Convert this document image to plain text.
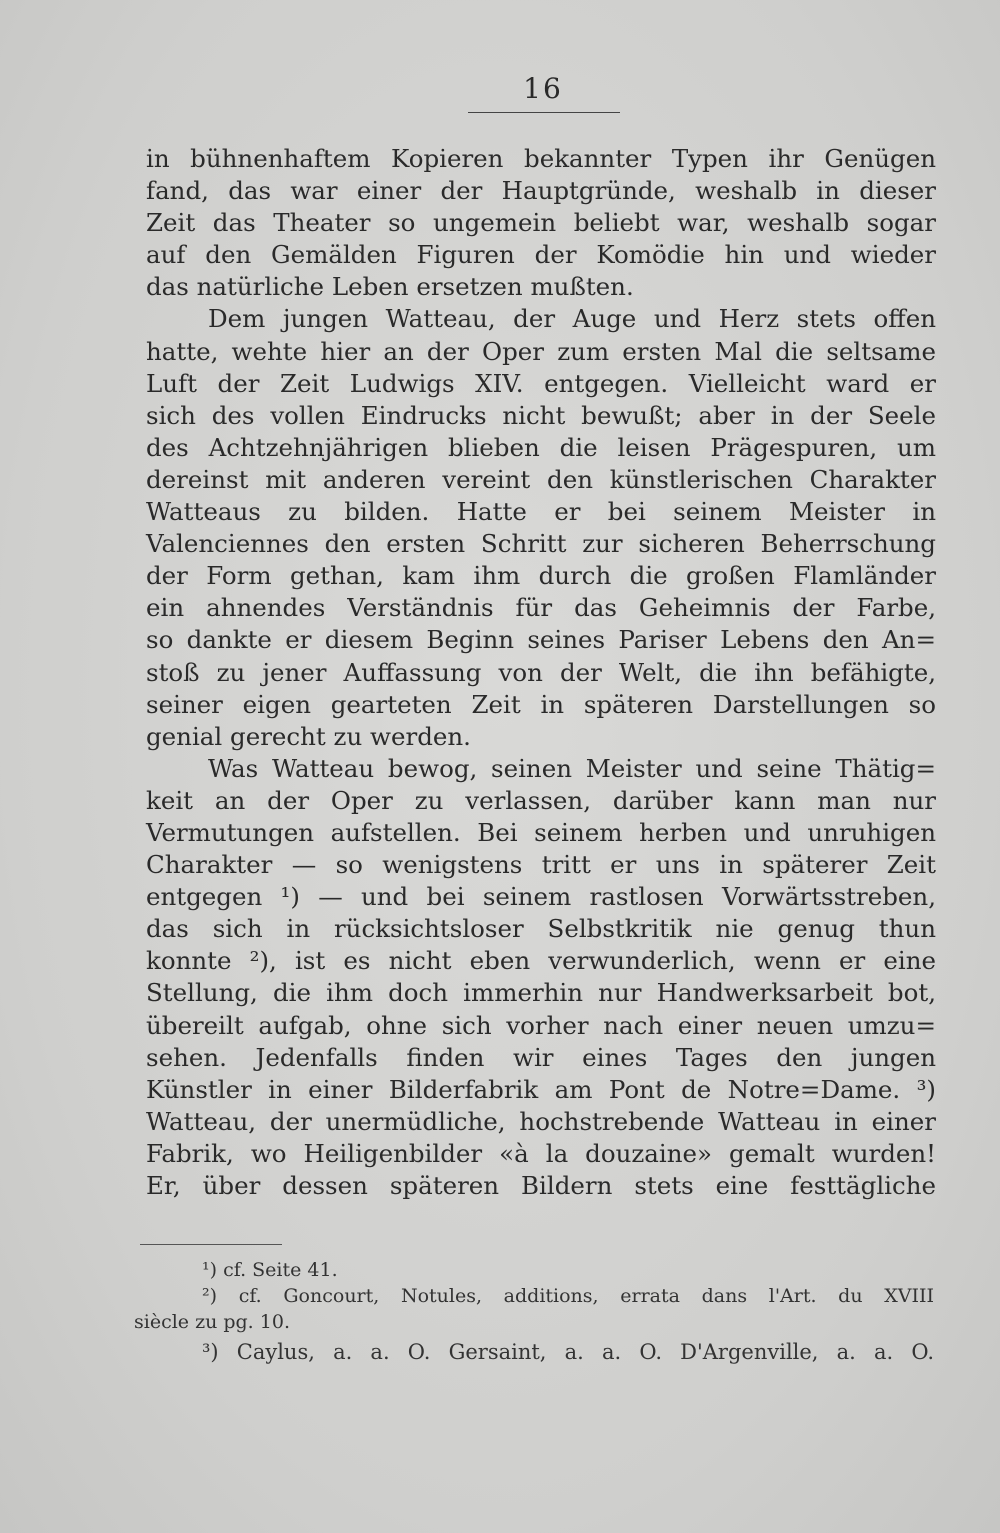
16
in bühnenhaftem Kopieren bekannter Typen ihr Genügen
fand, das war einer der Hauptgründe, weshalb in dieser
Zeit das Theater so ungemein beliebt war, weshalb sogar
auf den Gemälden Figuren der Komödie hin und wieder
das natürliche Leben ersetzen mußten.
Dem jungen Watteau, der Auge und Herz stets offen
hatte, wehte hier an der Oper zum ersten Mal die seltsame
Luft der Zeit Ludwigs XIV. entgegen. Vielleicht ward er
sich des vollen Eindrucks nicht bewußt; aber in der Seele
des Achtzehnjährigen blieben die leisen Prägespuren, um
dereinst mit anderen vereint den künstlerischen Charakter
Watteaus zu bilden. Hatte er bei seinem Meister in
Valenciennes den ersten Schritt zur sicheren Beherrschung
der Form gethan, kam ihm durch die großen Flamländer
ein ahnendes Verständnis für das Geheimnis der Farbe,
so dankte er diesem Beginn seines Pariser Lebens den An=
stoß zu jener Auffassung von der Welt, die ihn befähigte,
seiner eigen gearteten Zeit in späteren Darstellungen so
genial gerecht zu werden.
Was Watteau bewog, seinen Meister und seine Thätig=
keit an der Oper zu verlassen, darüber kann man nur
Vermutungen aufstellen. Bei seinem herben und unruhigen
Charakter — so wenigstens tritt er uns in späterer Zeit
entgegen ¹) — und bei seinem rastlosen Vorwärtsstreben,
das sich in rücksichtsloser Selbstkritik nie genug thun
konnte ²), ist es nicht eben verwunderlich, wenn er eine
Stellung, die ihm doch immerhin nur Handwerksarbeit bot,
übereilt aufgab, ohne sich vorher nach einer neuen umzu=
sehen. Jedenfalls finden wir eines Tages den jungen
Künstler in einer Bilderfabrik am Pont de Notre=Dame. ³)
Watteau, der unermüdliche, hochstrebende Watteau in einer
Fabrik, wo Heiligenbilder «à la douzaine» gemalt wurden!
Er, über dessen späteren Bildern stets eine festtägliche
¹) cf. Seite 41.
²) cf. Goncourt, Notules, additions, errata dans l'Art. du XVIII
siècle zu pg. 10.
³) Caylus, a. a. O. Gersaint, a. a. O. D'Argenville, a. a. O.
